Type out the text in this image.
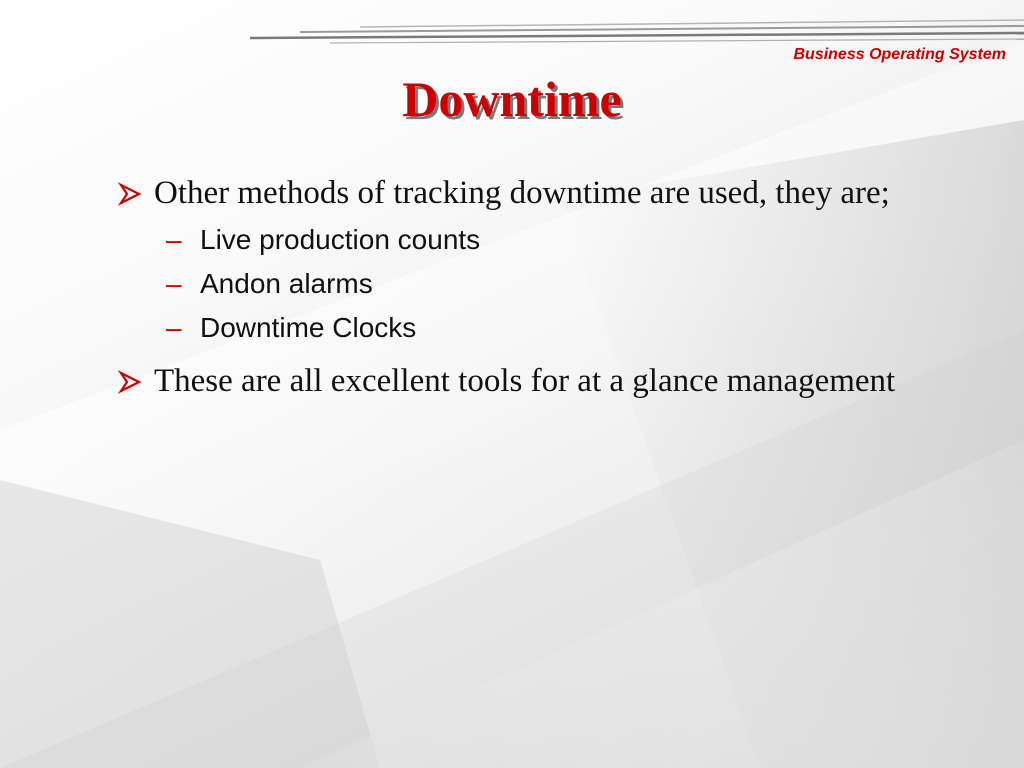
Business Operating System
Downtime
Other methods of tracking downtime are used, they are;
– Live production counts
– Andon alarms
– Downtime Clocks
These are all excellent tools for at a glance management
